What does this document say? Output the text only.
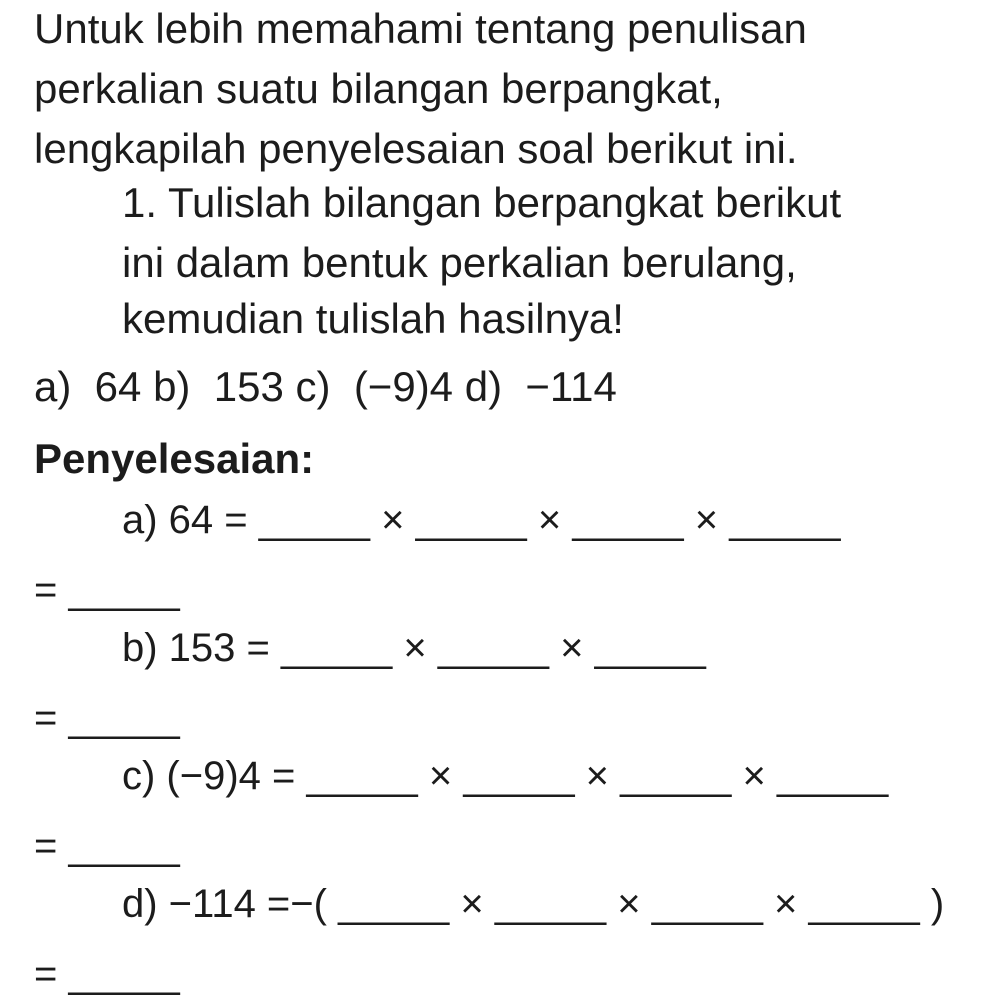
Untuk lebih memahami tentang penulisan
perkalian suatu bilangan berpangkat,
lengkapilah penyelesaian soal berikut ini.
1. Tulislah bilangan berpangkat berikut
ini dalam bentuk perkalian berulang,
kemudian tulislah hasilnya!
a)  64 b)  153 c)  (−9)4 d)  −114
Penyelesaian:
a) 64 = _____ × _____ × _____ × _____
= _____
b) 153 = _____ × _____ × _____
= _____
c) (−9)4 = _____ × _____ × _____ × _____
= _____
d) −114 =−( _____ × _____ × _____ × _____ )
= _____
